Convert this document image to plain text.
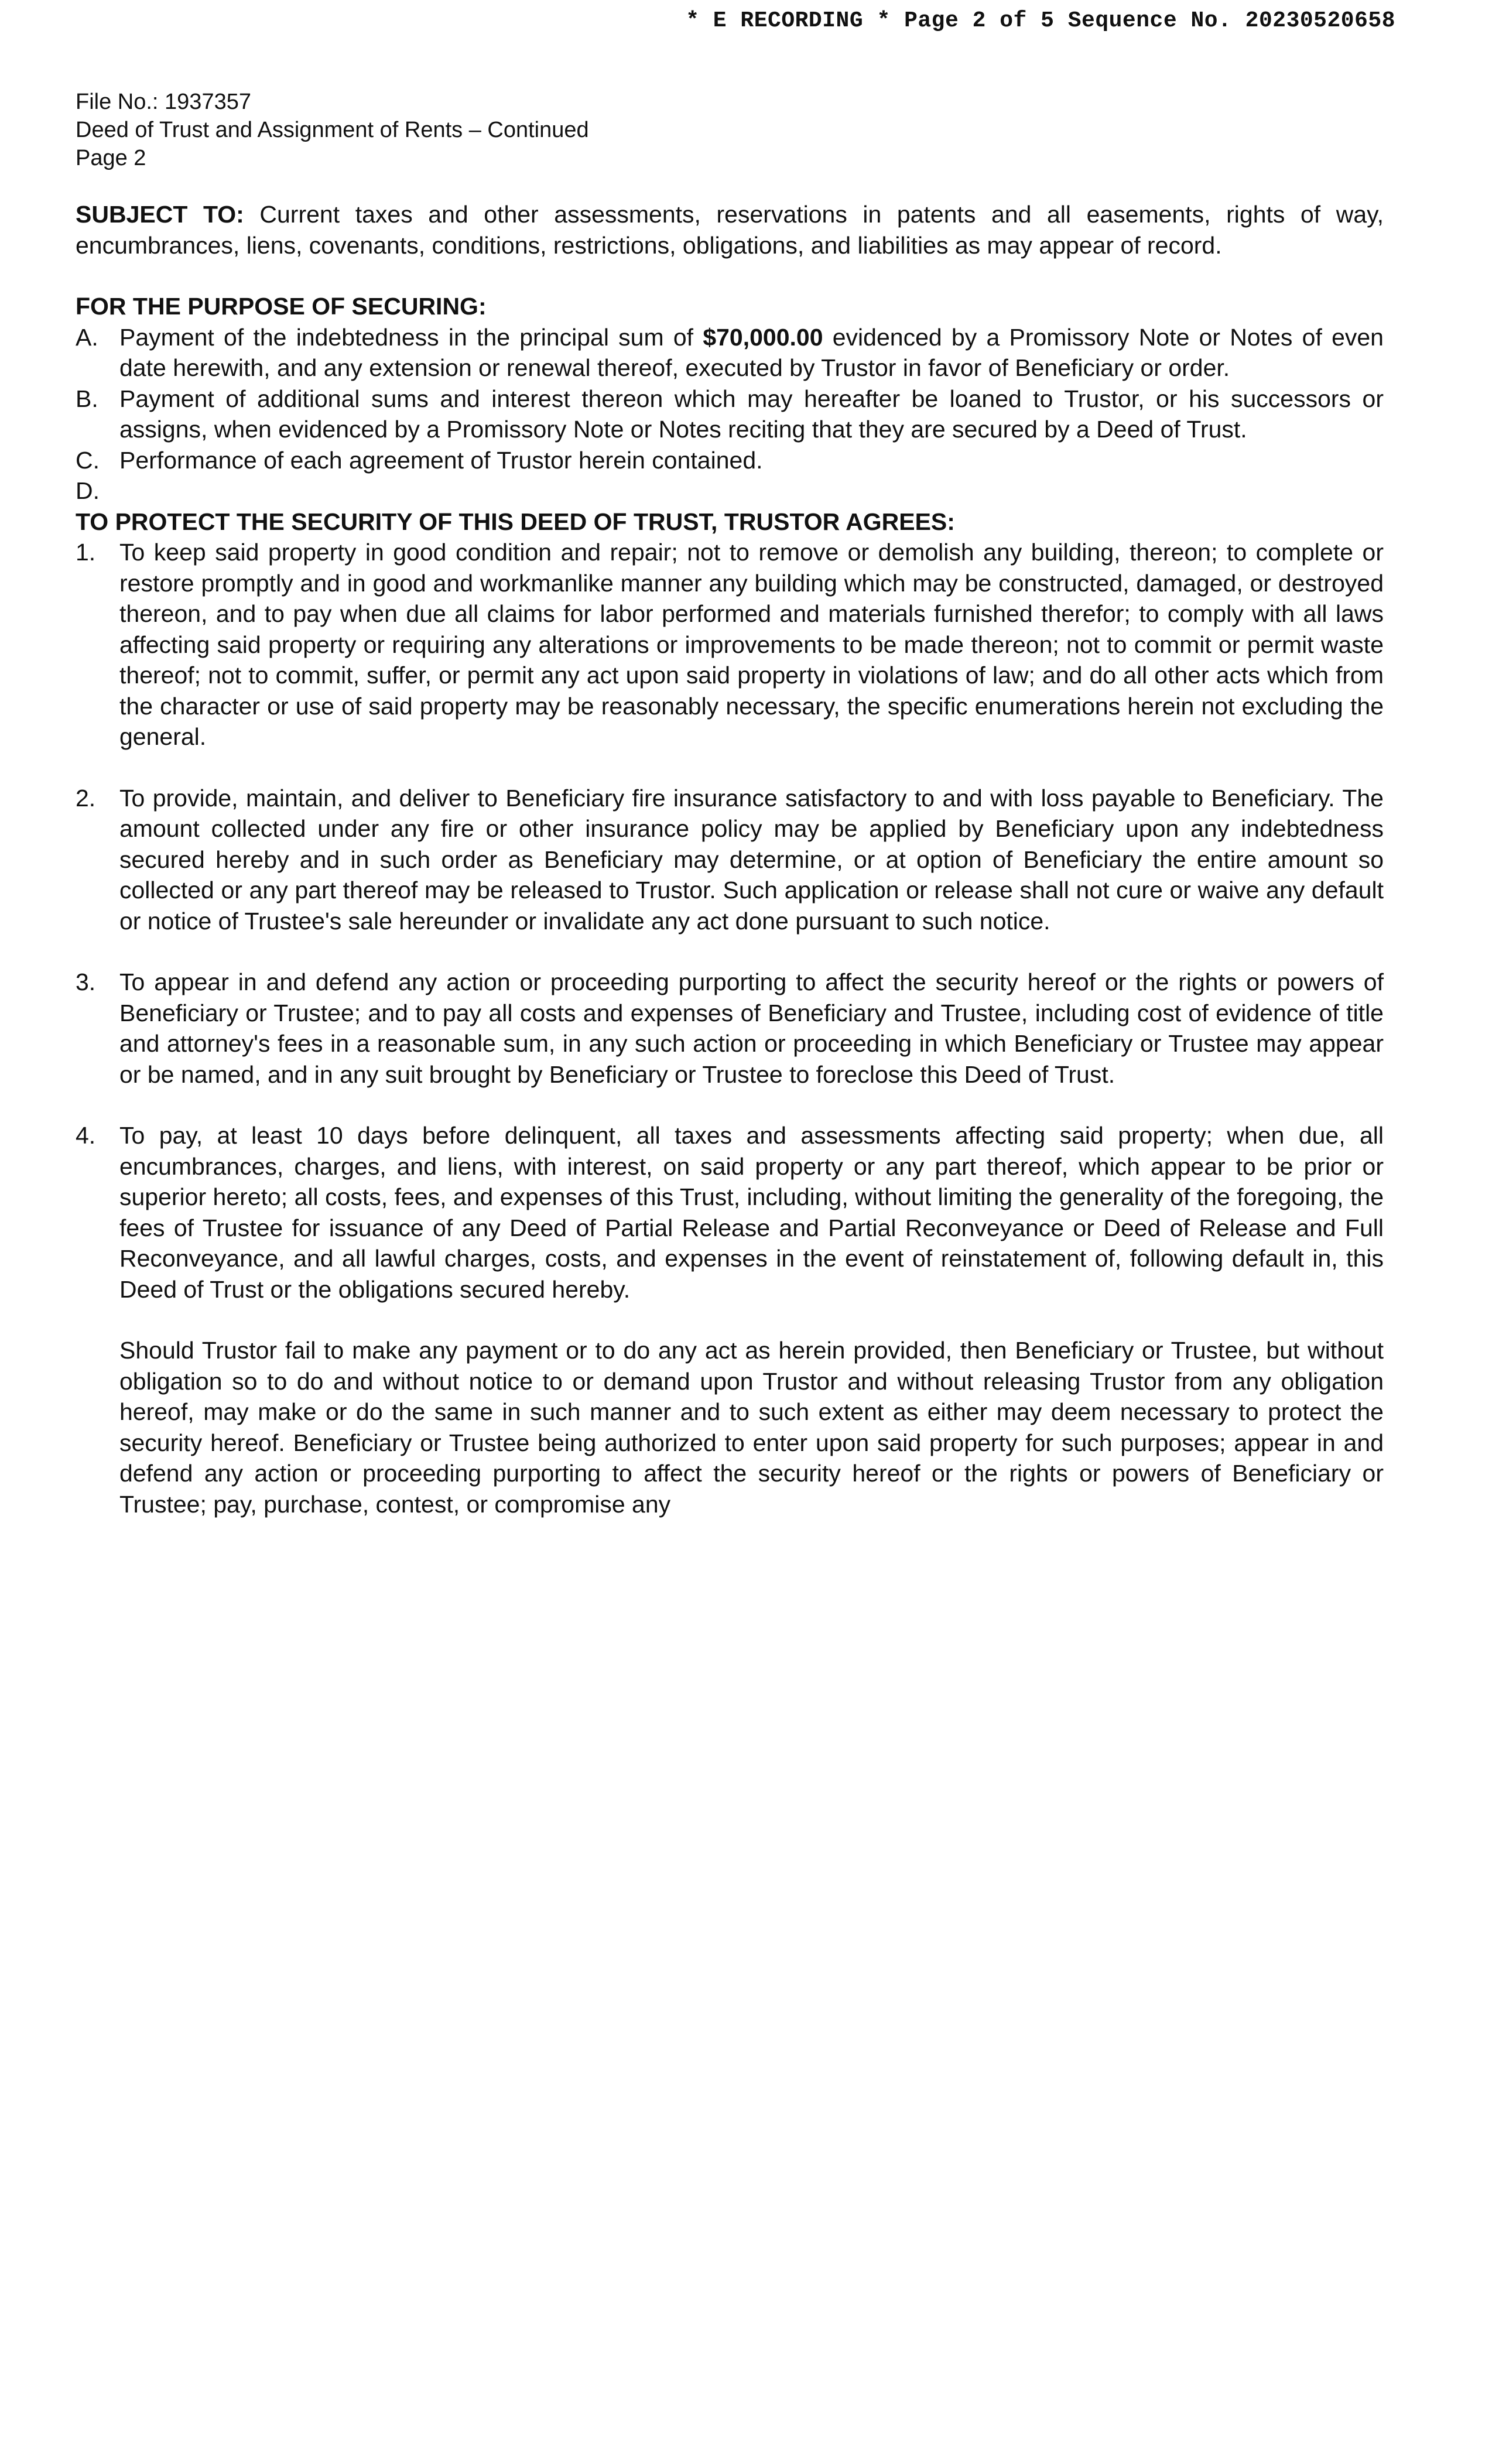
* E RECORDING * Page 2 of 5 Sequence No. 20230520658
File No.: 1937357
Deed of Trust and Assignment of Rents – Continued
Page 2

SUBJECT TO: Current taxes and other assessments, reservations in patents and all easements, rights of way, encumbrances, liens, covenants, conditions, restrictions, obligations, and liabilities as may appear of record.

FOR THE PURPOSE OF SECURING:

A. Payment of the indebtedness in the principal sum of $70,000.00 evidenced by a Promissory Note or Notes of even date herewith, and any extension or renewal thereof, executed by Trustor in favor of Beneficiary or order.
B. Payment of additional sums and interest thereon which may hereafter be loaned to Trustor, or his successors or assigns, when evidenced by a Promissory Note or Notes reciting that they are secured by a Deed of Trust.
C. Performance of each agreement of Trustor herein contained.
D.

TO PROTECT THE SECURITY OF THIS DEED OF TRUST, TRUSTOR AGREES:

1. To keep said property in good condition and repair; not to remove or demolish any building, thereon; to complete or restore promptly and in good and workmanlike manner any building which may be constructed, damaged, or destroyed thereon, and to pay when due all claims for labor performed and materials furnished therefor; to comply with all laws affecting said property or requiring any alterations or improvements to be made thereon; not to commit or permit waste thereof; not to commit, suffer, or permit any act upon said property in violations of law; and do all other acts which from the character or use of said property may be reasonably necessary, the specific enumerations herein not excluding the general.
2. To provide, maintain, and deliver to Beneficiary fire insurance satisfactory to and with loss payable to Beneficiary. The amount collected under any fire or other insurance policy may be applied by Beneficiary upon any indebtedness secured hereby and in such order as Beneficiary may determine, or at option of Beneficiary the entire amount so collected or any part thereof may be released to Trustor. Such application or release shall not cure or waive any default or notice of Trustee's sale hereunder or invalidate any act done pursuant to such notice.
3. To appear in and defend any action or proceeding purporting to affect the security hereof or the rights or powers of Beneficiary or Trustee; and to pay all costs and expenses of Beneficiary and Trustee, including cost of evidence of title and attorney's fees in a reasonable sum, in any such action or proceeding in which Beneficiary or Trustee may appear or be named, and in any suit brought by Beneficiary or Trustee to foreclose this Deed of Trust.
4. To pay, at least 10 days before delinquent, all taxes and assessments affecting said property; when due, all encumbrances, charges, and liens, with interest, on said property or any part thereof, which appear to be prior or superior hereto; all costs, fees, and expenses of this Trust, including, without limiting the generality of the foregoing, the fees of Trustee for issuance of any Deed of Partial Release and Partial Reconveyance or Deed of Release and Full Reconveyance, and all lawful charges, costs, and expenses in the event of reinstatement of, following default in, this Deed of Trust or the obligations secured hereby.

Should Trustor fail to make any payment or to do any act as herein provided, then Beneficiary or Trustee, but without obligation so to do and without notice to or demand upon Trustor and without releasing Trustor from any obligation hereof, may make or do the same in such manner and to such extent as either may deem necessary to protect the security hereof. Beneficiary or Trustee being authorized to enter upon said property for such purposes; appear in and defend any action or proceeding purporting to affect the security hereof or the rights or powers of Beneficiary or Trustee; pay, purchase, contest, or compromise any
